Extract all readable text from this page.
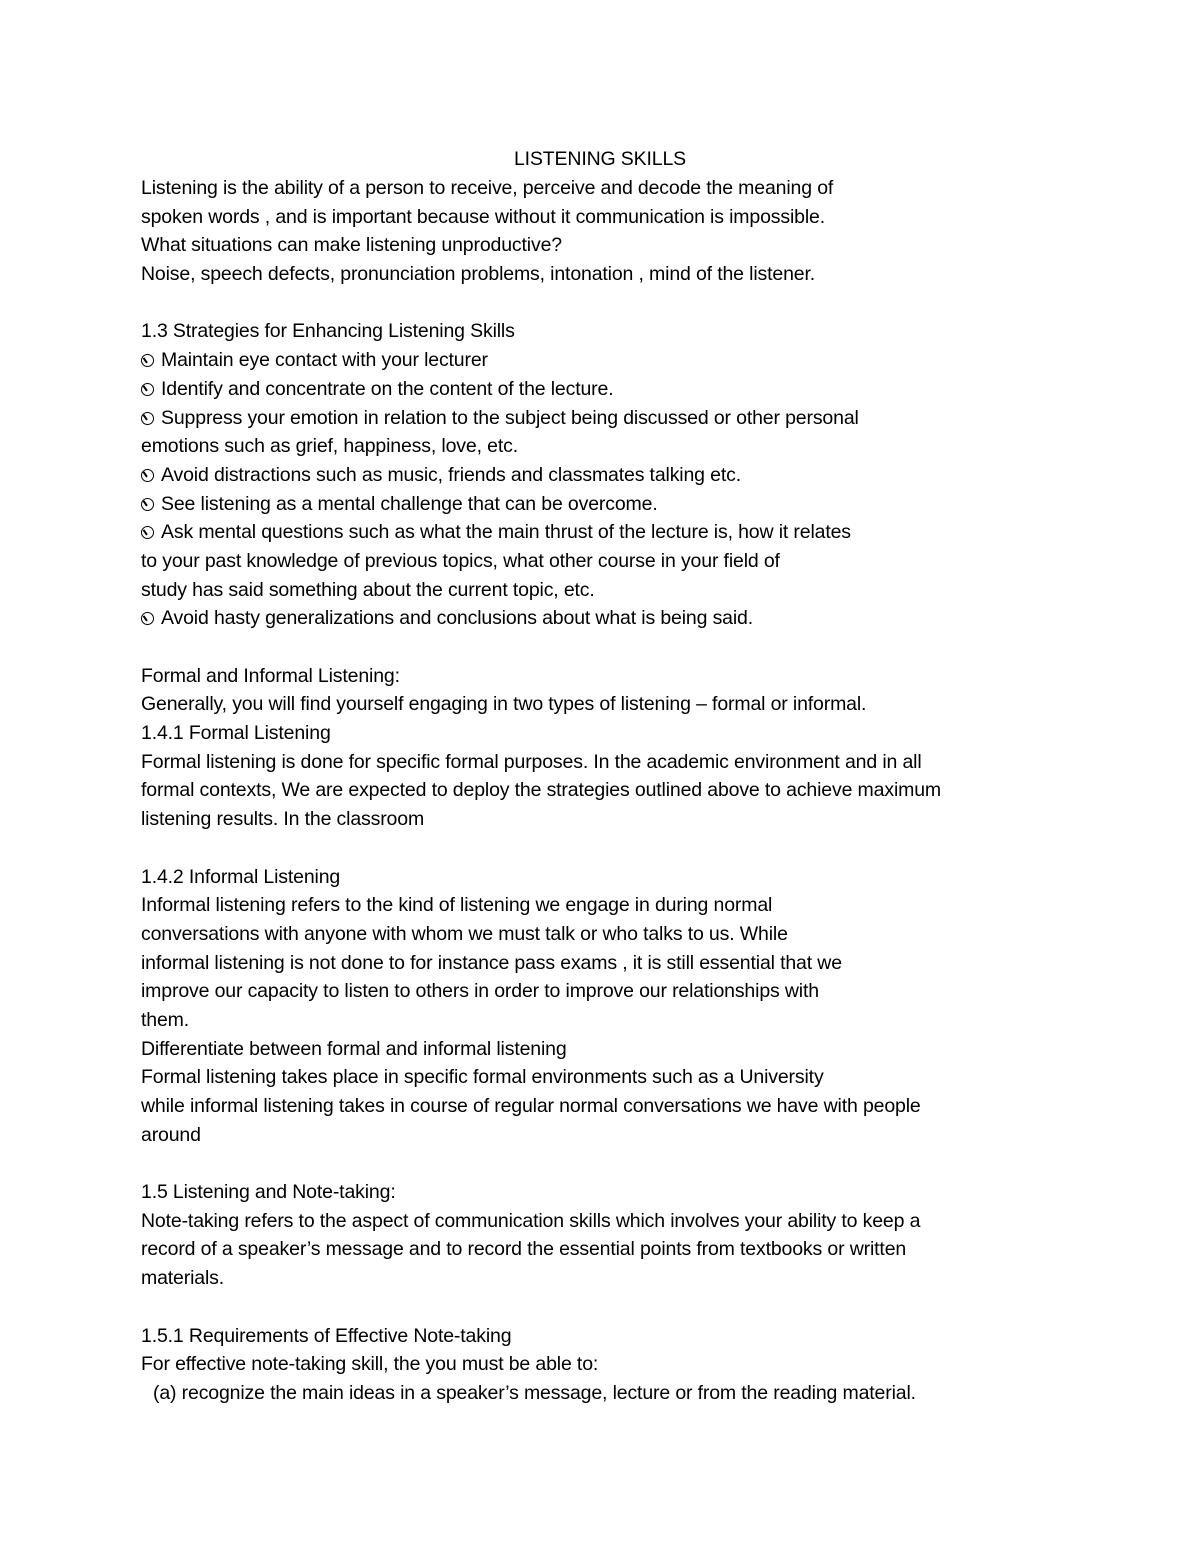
LISTENING SKILLS
Listening is the ability of a person to receive, perceive and decode the meaning of
spoken words , and is important because without it communication is impossible.
What situations can make listening unproductive?
Noise, speech defects, pronunciation problems, intonation , mind of the listener.
1.3 Strategies for Enhancing Listening Skills
Maintain eye contact with your lecturer
Identify and concentrate on the content of the lecture.
Suppress your emotion in relation to the subject being discussed or other personal
emotions such as grief, happiness, love, etc.
Avoid distractions such as music, friends and classmates talking etc.
See listening as a mental challenge that can be overcome.
Ask mental questions such as what the main thrust of the lecture is, how it relates
to your past knowledge of previous topics, what other course in your field of
study has said something about the current topic, etc.
Avoid hasty generalizations and conclusions about what is being said.
Formal and Informal Listening:
Generally, you will find yourself engaging in two types of listening – formal or informal.
1.4.1 Formal Listening
Formal listening is done for specific formal purposes. In the academic environment and in all
formal contexts, We are expected to deploy the strategies outlined above to achieve maximum
listening results. In the classroom
1.4.2 Informal Listening
Informal listening refers to the kind of listening we engage in during normal
conversations with anyone with whom we must talk or who talks to us. While
informal listening is not done to for instance pass exams , it is still essential that we
improve our capacity to listen to others in order to improve our relationships with
them.
Differentiate between formal and informal listening
Formal listening takes place in specific formal environments such as a University
while informal listening takes in course of regular normal conversations we have with people
around
1.5 Listening and Note-taking:
Note-taking refers to the aspect of communication skills which involves your ability to keep a
record of a speaker’s message and to record the essential points from textbooks or written
materials.
1.5.1 Requirements of Effective Note-taking
For effective note-taking skill, the you must be able to:
(a) recognize the main ideas in a speaker’s message, lecture or from the reading material.
